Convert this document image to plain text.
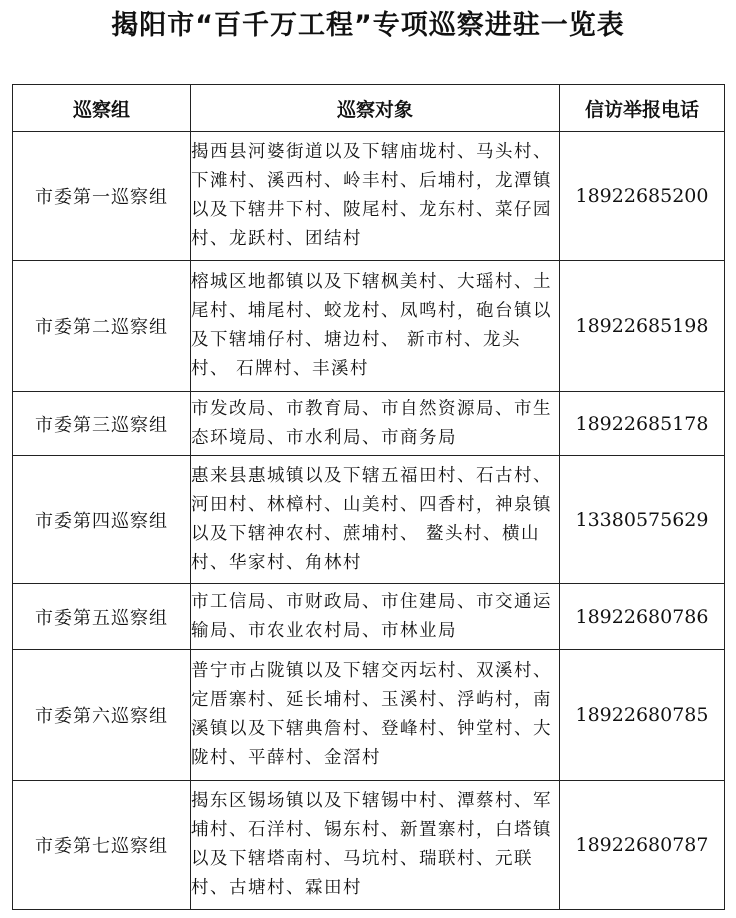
揭阳市“百千万工程”专项巡察进驻一览表
巡察组	巡察对象	信访举报电话
市委第一巡察组	揭西县河婆街道以及下辖庙垅村、马头村、下滩村、溪西村、岭丰村、后埔村，龙潭镇以及下辖井下村、陂尾村、龙东村、菜仔园村、龙跃村、团结村	18922685200
市委第二巡察组	榕城区地都镇以及下辖枫美村、大瑶村、土尾村、埔尾村、蛟龙村、凤鸣村，砲台镇以及下辖埔仔村、塘边村、 新市村、龙头村、 石牌村、丰溪村	18922685198
市委第三巡察组	市发改局、市教育局、市自然资源局、市生态环境局、市水利局、市商务局	18922685178
市委第四巡察组	惠来县惠城镇以及下辖五福田村、石古村、河田村、林樟村、山美村、四香村，神泉镇以及下辖神农村、蔗埔村、 鳌头村、横山村、华家村、角林村	13380575629
市委第五巡察组	市工信局、市财政局、市住建局、市交通运输局、市农业农村局、市林业局	18922680786
市委第六巡察组	普宁市占陇镇以及下辖交丙坛村、双溪村、定厝寨村、延长埔村、玉溪村、浮屿村，南溪镇以及下辖典詹村、登峰村、钟堂村、大陇村、平薛村、金滘村	18922680785
市委第七巡察组	揭东区锡场镇以及下辖锡中村、潭蔡村、军埔村、石洋村、锡东村、新置寨村，白塔镇以及下辖塔南村、马坑村、瑞联村、元联村、古塘村、霖田村	18922680787
